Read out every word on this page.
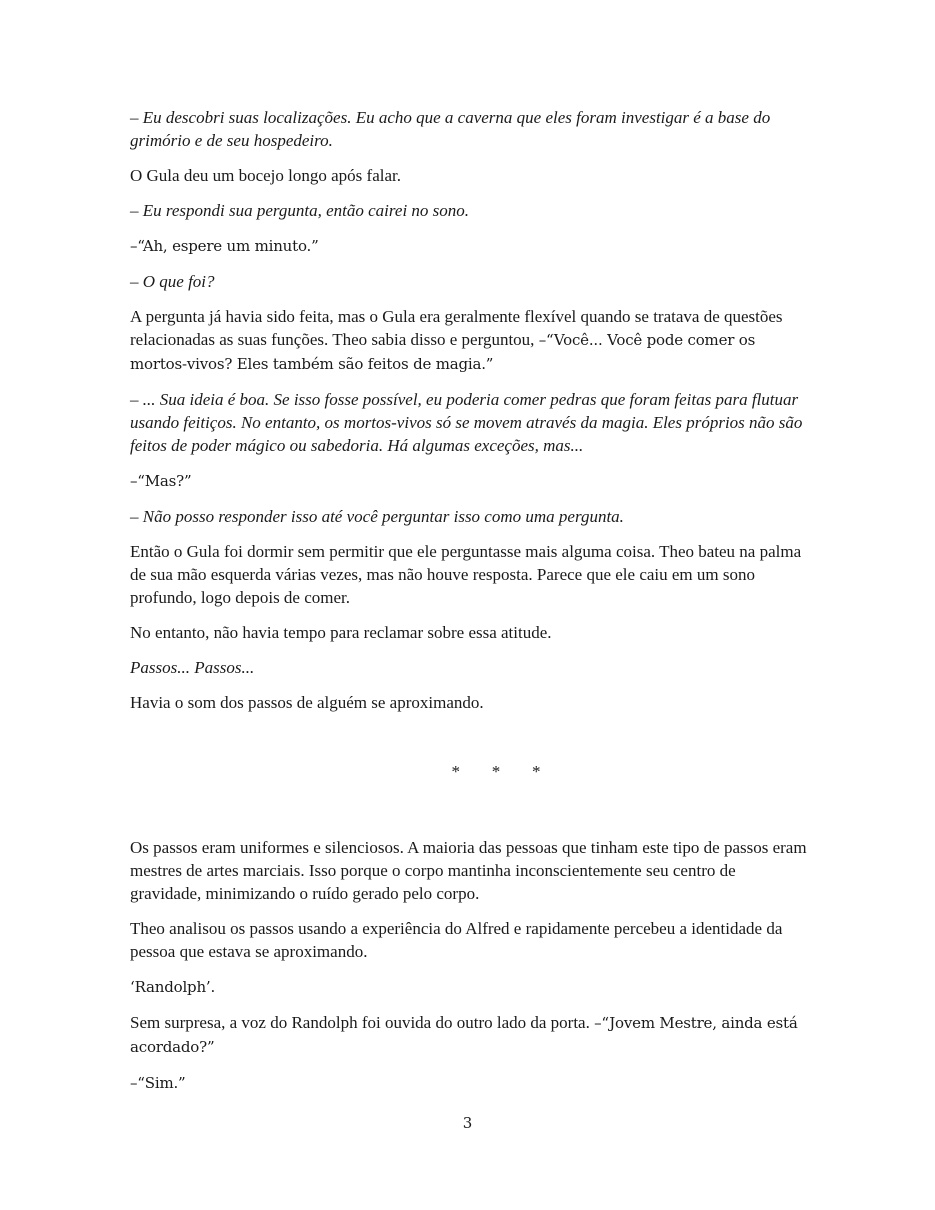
– Eu descobri suas localizações. Eu acho que a caverna que eles foram investigar é a base do grimório e de seu hospedeiro.

O Gula deu um bocejo longo após falar.

– Eu respondi sua pergunta, então cairei no sono.

–“Ah, espere um minuto.”

– O que foi?

A pergunta já havia sido feita, mas o Gula era geralmente flexível quando se tratava de questões relacionadas as suas funções. Theo sabia disso e perguntou, –“Você... Você pode comer os mortos-vivos? Eles também são feitos de magia.”

– ... Sua ideia é boa. Se isso fosse possível, eu poderia comer pedras que foram feitas para flutuar usando feitiços. No entanto, os mortos-vivos só se movem através da magia. Eles próprios não são feitos de poder mágico ou sabedoria. Há algumas exceções, mas...

–“Mas?”

– Não posso responder isso até você perguntar isso como uma pergunta.

Então o Gula foi dormir sem permitir que ele perguntasse mais alguma coisa. Theo bateu na palma de sua mão esquerda várias vezes, mas não houve resposta. Parece que ele caiu em um sono profundo, logo depois de comer.

No entanto, não havia tempo para reclamar sobre essa atitude.

Passos... Passos...

Havia o som dos passos de alguém se aproximando.

* * *

Os passos eram uniformes e silenciosos. A maioria das pessoas que tinham este tipo de passos eram mestres de artes marciais. Isso porque o corpo mantinha inconscientemente seu centro de gravidade, minimizando o ruído gerado pelo corpo.

Theo analisou os passos usando a experiência do Alfred e rapidamente percebeu a identidade da pessoa que estava se aproximando.

‘Randolph’.

Sem surpresa, a voz do Randolph foi ouvida do outro lado da porta. –“Jovem Mestre, ainda está acordado?”

–“Sim.”

3
